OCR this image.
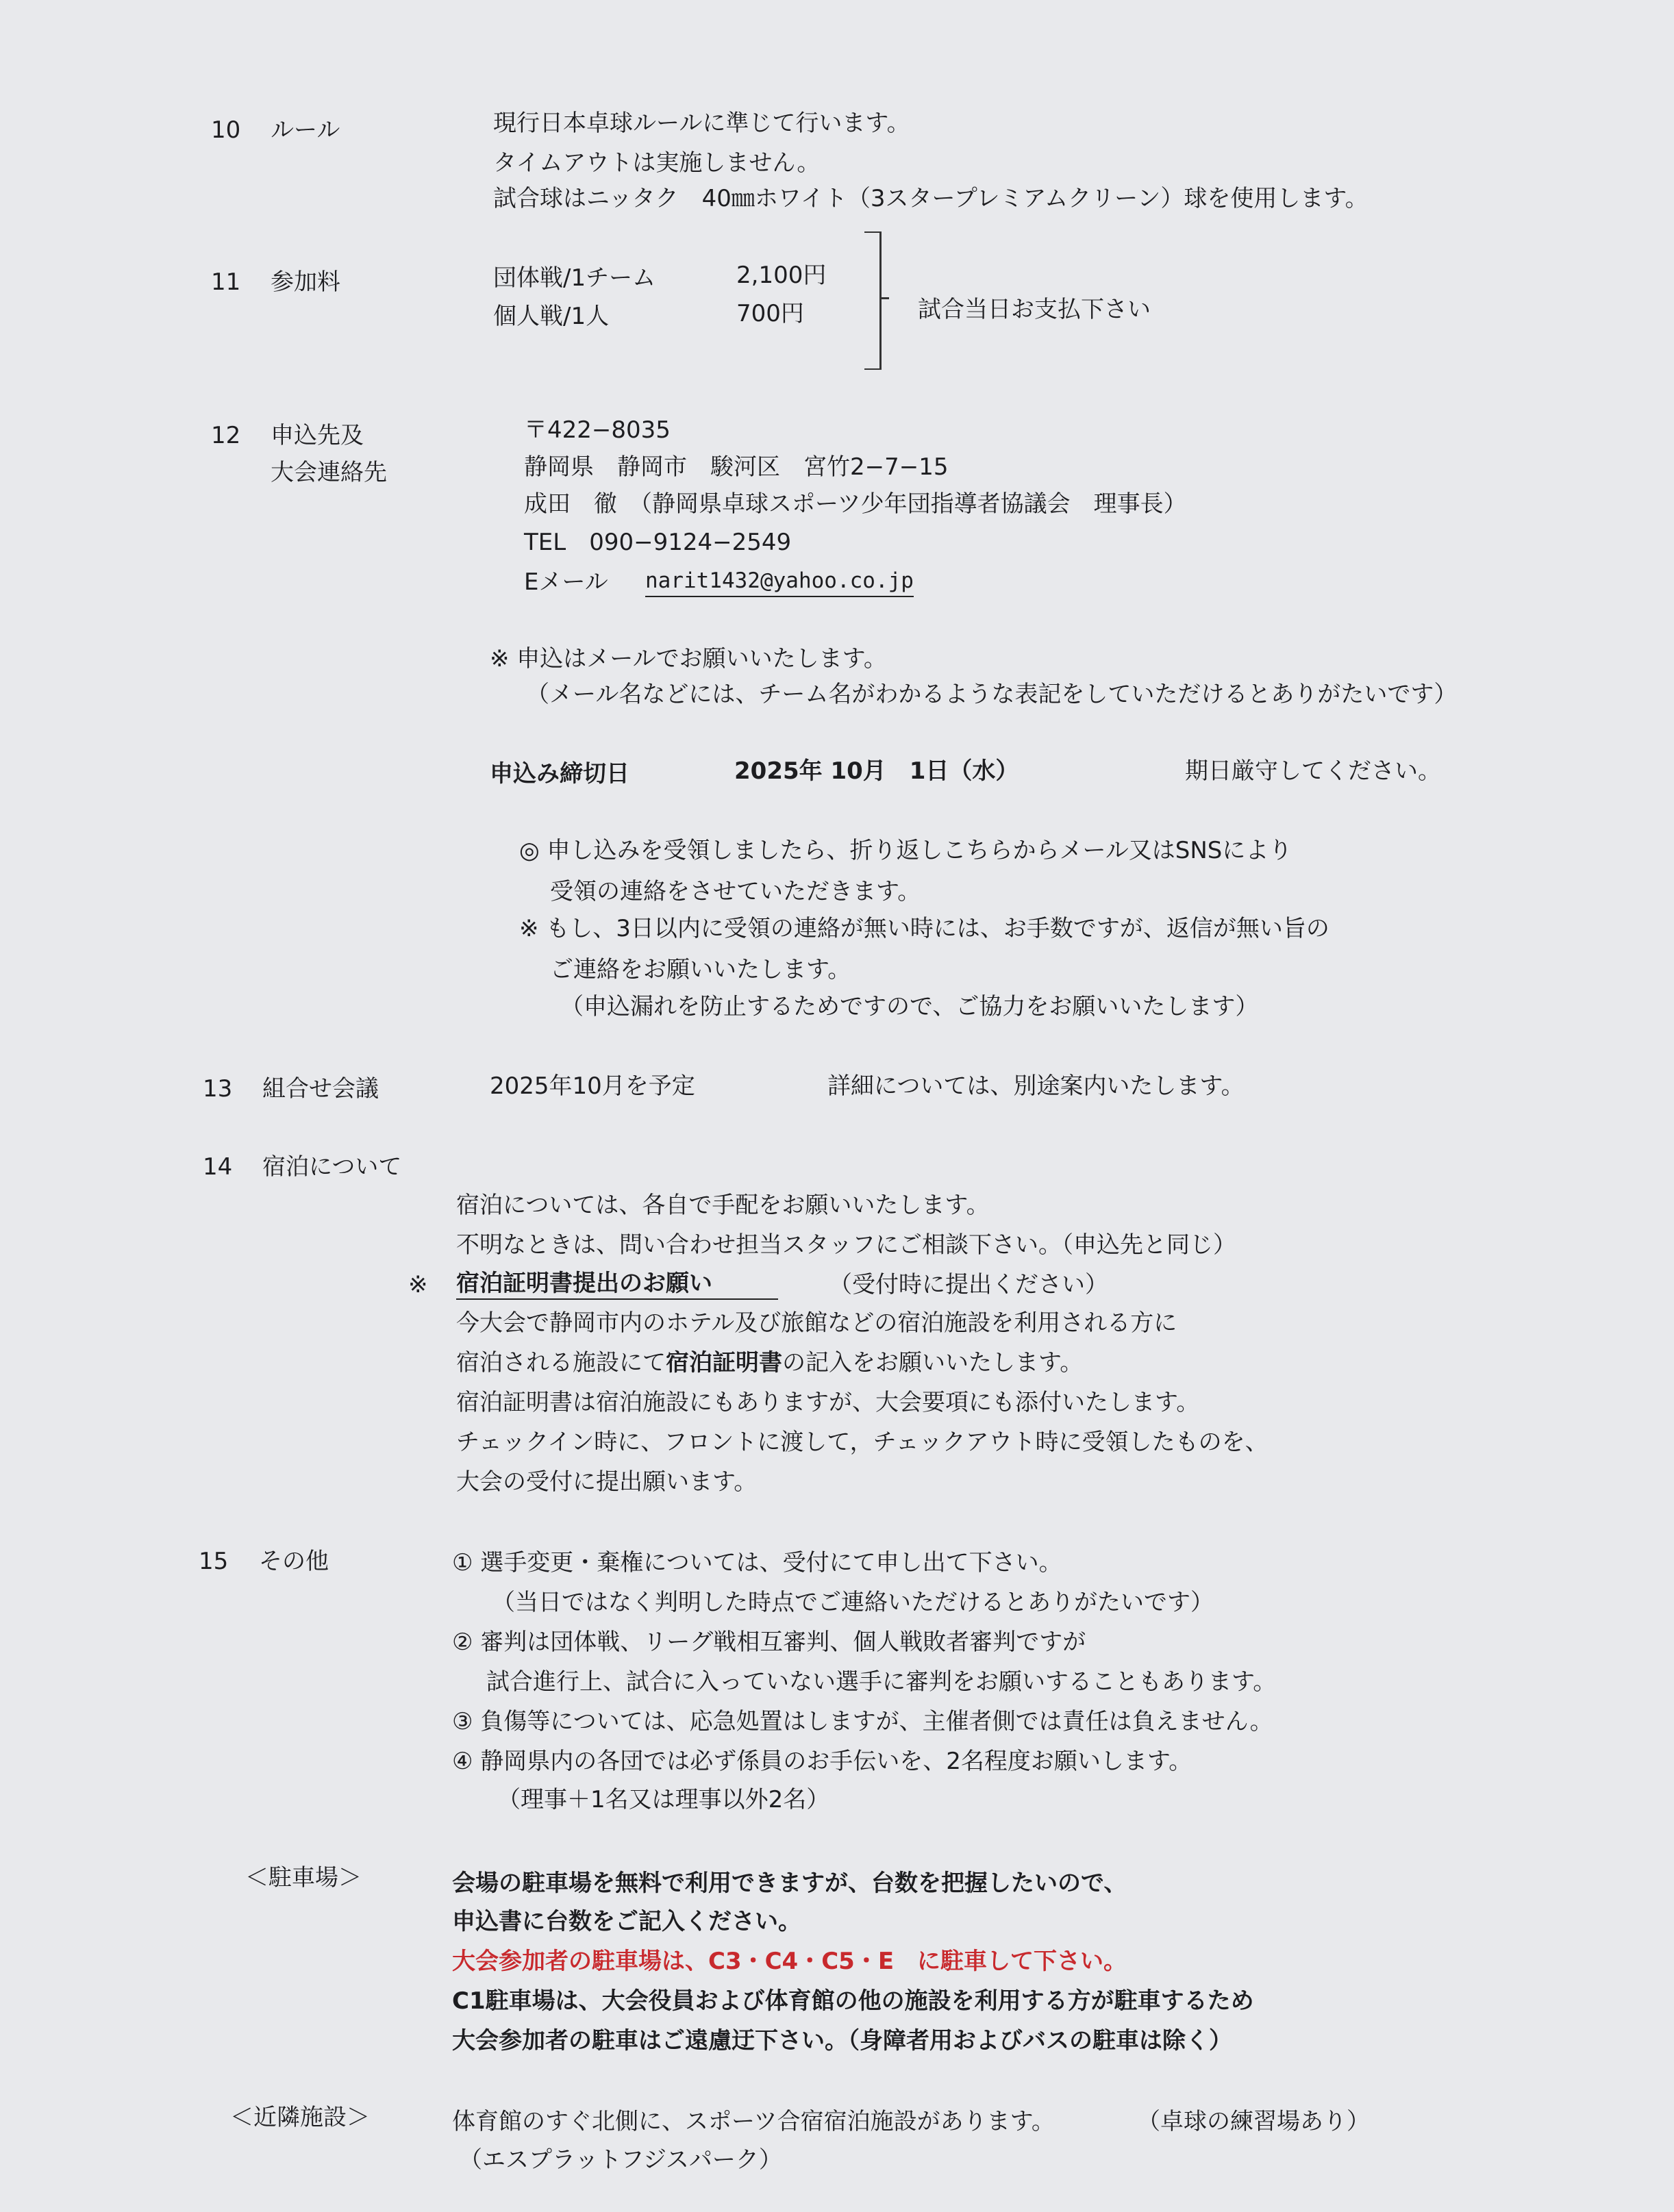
10 ルール	現行日本卓球ルールに準じて行います。
タイムアウトは実施しません。
試合球はニッタク　40㎜ホワイト（3スタープレミアムクリーン）球を使用します。
11 参加料	団体戦/1チーム	2,100円
個人戦/1人	700円	試合当日お支払下さい
12 申込先及
大会連絡先
〒422−8035
静岡県　静岡市　駿河区　宮竹2−7−15
成田　徹　（静岡県卓球スポーツ少年団指導者協議会　理事長）
TEL　090−9124−2549
Eメール narit1432@yahoo.co.jp
※ 申込はメールでお願いいたします。
（メール名などには、チーム名がわかるような表記をしていただけるとありがたいです）
申込み締切日	2025年 10月　1日（水）	期日厳守してください。
◎ 申し込みを受領しましたら、折り返しこちらからメール又はSNSにより
受領の連絡をさせていただきます。
※ もし、3日以内に受領の連絡が無い時には、お手数ですが、返信が無い旨の
ご連絡をお願いいたします。
（申込漏れを防止するためですので、ご協力をお願いいたします）
13 組合せ会議	2025年10月を予定	詳細については、別途案内いたします。
14 宿泊について
宿泊については、各自で手配をお願いいたします。
不明なときは、問い合わせ担当スタッフにご相談下さい。（申込先と同じ）
※ 宿泊証明書提出のお願い	（受付時に提出ください）
今大会で静岡市内のホテル及び旅館などの宿泊施設を利用される方に
宿泊される施設にて宿泊証明書の記入をお願いいたします。
宿泊証明書は宿泊施設にもありますが、大会要項にも添付いたします。
チェックイン時に、フロントに渡して，チェックアウト時に受領したものを、
大会の受付に提出願います。
15 その他	① 選手変更・棄権については、受付にて申し出て下さい。
（当日ではなく判明した時点でご連絡いただけるとありがたいです）
② 審判は団体戦、リーグ戦相互審判、個人戦敗者審判ですが
試合進行上、試合に入っていない選手に審判をお願いすることもあります。
③ 負傷等については、応急処置はしますが、主催者側では責任は負えません。
④ 静岡県内の各団では必ず係員のお手伝いを、2名程度お願いします。
（理事＋1名又は理事以外2名）
＜駐車場＞	会場の駐車場を無料で利用できますが、台数を把握したいので、
申込書に台数をご記入ください。
大会参加者の駐車場は、C3・C4・C5・E　に駐車して下さい。
C1駐車場は、大会役員および体育館の他の施設を利用する方が駐車するため
大会参加者の駐車はご遠慮迂下さい。（身障者用およびバスの駐車は除く）
＜近隣施設＞	体育館のすぐ北側に、スポーツ合宿宿泊施設があります。	（卓球の練習場あり）
（エスプラットフジスパーク）
